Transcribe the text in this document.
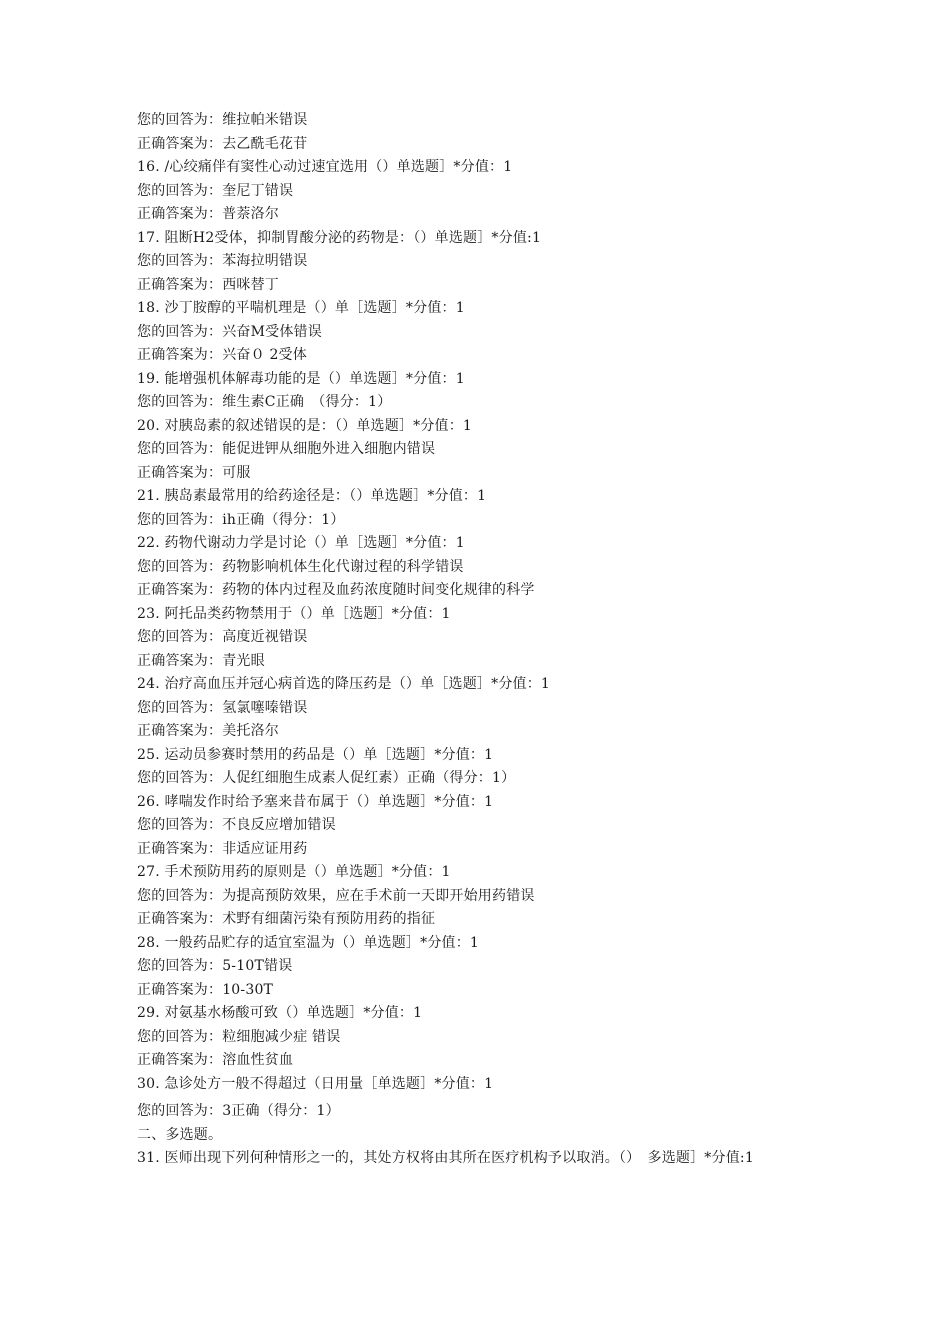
您的回答为：维拉帕米错误
正确答案为：去乙酰毛花苷
16. /心绞痛伴有窦性心动过速宜选用（）单选题］*分值：1
您的回答为：奎尼丁错误
正确答案为：普萘洛尔
17. 阻断H2受体，抑制胃酸分泌的药物是：（）单选题］*分值:1
您的回答为：苯海拉明错误
正确答案为：西咪替丁
18. 沙丁胺醇的平喘机理是（）单［选题］*分值：1
您的回答为：兴奋M受体错误
正确答案为：兴奋０ 2受体
19. 能增强机体解毒功能的是（）单选题］*分值：1
您的回答为：维生素C正确　（得分：1）
20. 对胰岛素的叙述错误的是：（）单选题］*分值：1
您的回答为：能促进钾从细胞外进入细胞内错误
正确答案为：可服
21. 胰岛素最常用的给药途径是：（）单选题］*分值：1
您的回答为：ih正确（得分：1）
22. 药物代谢动力学是讨论（）单［选题］*分值：1
您的回答为：药物影响机体生化代谢过程的科学错误
正确答案为：药物的体内过程及血药浓度随时间变化规律的科学
23. 阿托品类药物禁用于（）单［选题］*分值：1
您的回答为：高度近视错误
正确答案为：青光眼
24. 治疗高血压并冠心病首选的降压药是（）单［选题］*分值：1
您的回答为：氢氯噻嗪错误
正确答案为：美托洛尔
25. 运动员参赛时禁用的药品是（）单［选题］*分值：1
您的回答为：人促红细胞生成素人促红素）正确（得分：1）
26. 哮喘发作时给予塞来昔布属于（）单选题］*分值：1
您的回答为：不良反应增加错误
正确答案为：非适应证用药
27. 手术预防用药的原则是（）单选题］*分值：1
您的回答为：为提高预防效果，应在手术前一天即开始用药错误
正确答案为：术野有细菌污染有预防用药的指征
28. 一般药品贮存的适宜室温为（）单选题］*分值：1
您的回答为：5-10T错误
正确答案为：10-30T
29. 对氨基水杨酸可致（）单选题］*分值：1
您的回答为：粒细胞减少症 错误
正确答案为：溶血性贫血
30. 急诊处方一般不得超过（日用量［单选题］*分值：1
您的回答为：3正确（得分：1）
二、多选题。
31. 医师出现下列何种情形之一的，其处方权将由其所在医疗机构予以取消。（）　多选题］*分值:1
